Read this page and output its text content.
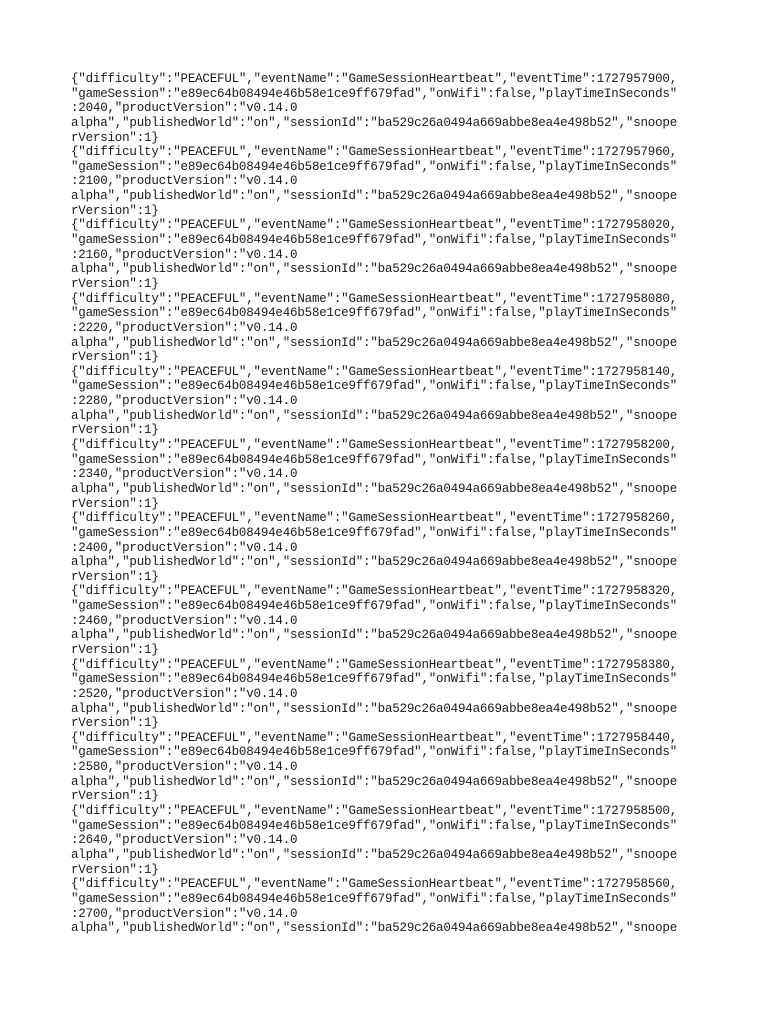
{"difficulty":"PEACEFUL","eventName":"GameSessionHeartbeat","eventTime":1727957900,
"gameSession":"e89ec64b08494e46b58e1ce9ff679fad","onWifi":false,"playTimeInSeconds"
:2040,"productVersion":"v0.14.0
alpha","publishedWorld":"on","sessionId":"ba529c26a0494a669abbe8ea4e498b52","snoope
rVersion":1}
{"difficulty":"PEACEFUL","eventName":"GameSessionHeartbeat","eventTime":1727957960,
"gameSession":"e89ec64b08494e46b58e1ce9ff679fad","onWifi":false,"playTimeInSeconds"
:2100,"productVersion":"v0.14.0
alpha","publishedWorld":"on","sessionId":"ba529c26a0494a669abbe8ea4e498b52","snoope
rVersion":1}
{"difficulty":"PEACEFUL","eventName":"GameSessionHeartbeat","eventTime":1727958020,
"gameSession":"e89ec64b08494e46b58e1ce9ff679fad","onWifi":false,"playTimeInSeconds"
:2160,"productVersion":"v0.14.0
alpha","publishedWorld":"on","sessionId":"ba529c26a0494a669abbe8ea4e498b52","snoope
rVersion":1}
{"difficulty":"PEACEFUL","eventName":"GameSessionHeartbeat","eventTime":1727958080,
"gameSession":"e89ec64b08494e46b58e1ce9ff679fad","onWifi":false,"playTimeInSeconds"
:2220,"productVersion":"v0.14.0
alpha","publishedWorld":"on","sessionId":"ba529c26a0494a669abbe8ea4e498b52","snoope
rVersion":1}
{"difficulty":"PEACEFUL","eventName":"GameSessionHeartbeat","eventTime":1727958140,
"gameSession":"e89ec64b08494e46b58e1ce9ff679fad","onWifi":false,"playTimeInSeconds"
:2280,"productVersion":"v0.14.0
alpha","publishedWorld":"on","sessionId":"ba529c26a0494a669abbe8ea4e498b52","snoope
rVersion":1}
{"difficulty":"PEACEFUL","eventName":"GameSessionHeartbeat","eventTime":1727958200,
"gameSession":"e89ec64b08494e46b58e1ce9ff679fad","onWifi":false,"playTimeInSeconds"
:2340,"productVersion":"v0.14.0
alpha","publishedWorld":"on","sessionId":"ba529c26a0494a669abbe8ea4e498b52","snoope
rVersion":1}
{"difficulty":"PEACEFUL","eventName":"GameSessionHeartbeat","eventTime":1727958260,
"gameSession":"e89ec64b08494e46b58e1ce9ff679fad","onWifi":false,"playTimeInSeconds"
:2400,"productVersion":"v0.14.0
alpha","publishedWorld":"on","sessionId":"ba529c26a0494a669abbe8ea4e498b52","snoope
rVersion":1}
{"difficulty":"PEACEFUL","eventName":"GameSessionHeartbeat","eventTime":1727958320,
"gameSession":"e89ec64b08494e46b58e1ce9ff679fad","onWifi":false,"playTimeInSeconds"
:2460,"productVersion":"v0.14.0
alpha","publishedWorld":"on","sessionId":"ba529c26a0494a669abbe8ea4e498b52","snoope
rVersion":1}
{"difficulty":"PEACEFUL","eventName":"GameSessionHeartbeat","eventTime":1727958380,
"gameSession":"e89ec64b08494e46b58e1ce9ff679fad","onWifi":false,"playTimeInSeconds"
:2520,"productVersion":"v0.14.0
alpha","publishedWorld":"on","sessionId":"ba529c26a0494a669abbe8ea4e498b52","snoope
rVersion":1}
{"difficulty":"PEACEFUL","eventName":"GameSessionHeartbeat","eventTime":1727958440,
"gameSession":"e89ec64b08494e46b58e1ce9ff679fad","onWifi":false,"playTimeInSeconds"
:2580,"productVersion":"v0.14.0
alpha","publishedWorld":"on","sessionId":"ba529c26a0494a669abbe8ea4e498b52","snoope
rVersion":1}
{"difficulty":"PEACEFUL","eventName":"GameSessionHeartbeat","eventTime":1727958500,
"gameSession":"e89ec64b08494e46b58e1ce9ff679fad","onWifi":false,"playTimeInSeconds"
:2640,"productVersion":"v0.14.0
alpha","publishedWorld":"on","sessionId":"ba529c26a0494a669abbe8ea4e498b52","snoope
rVersion":1}
{"difficulty":"PEACEFUL","eventName":"GameSessionHeartbeat","eventTime":1727958560,
"gameSession":"e89ec64b08494e46b58e1ce9ff679fad","onWifi":false,"playTimeInSeconds"
:2700,"productVersion":"v0.14.0
alpha","publishedWorld":"on","sessionId":"ba529c26a0494a669abbe8ea4e498b52","snoope
